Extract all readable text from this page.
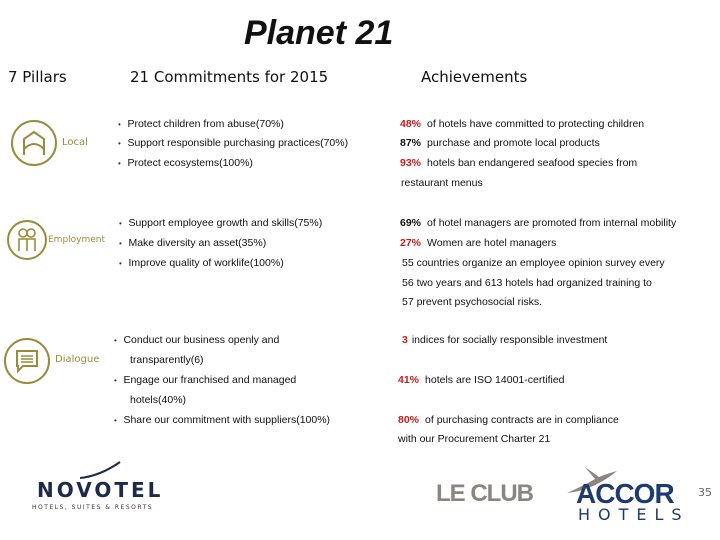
Planet 21
7 Pillars	21 Commitments for 2015	Achievements
Local
Employment
Dialogue
•   Protect children from abuse(70%)
•   Support responsible purchasing practices(70%)
•   Protect ecosystems(100%)
•   Support employee growth and skills(75%)
•   Make diversity an asset(35%)
•   Improve quality of worklife(100%)
•   Conduct our business openly and
transparently(6)
•   Engage our franchised and managed
hotels(40%)
•   Share our commitment with suppliers(100%)
48% of hotels have committed to protecting children
87% purchase and promote local products
93% hotels ban endangered seafood species from
restaurant menus
69% of hotel managers are promoted from internal mobility
27% Women are hotel managers
55 countries organize an employee opinion survey every
56 two years and 613 hotels had organized training to
57 prevent psychosocial risks.
3 indices for socially responsible investment
41% hotels are ISO 14001-certified
80% of purchasing contracts are in compliance
with our Procurement Charter 21
NOVOTEL
HOTELS, SUITES & RESORTS
LE CLUB ACCOR
HOTELS
35
